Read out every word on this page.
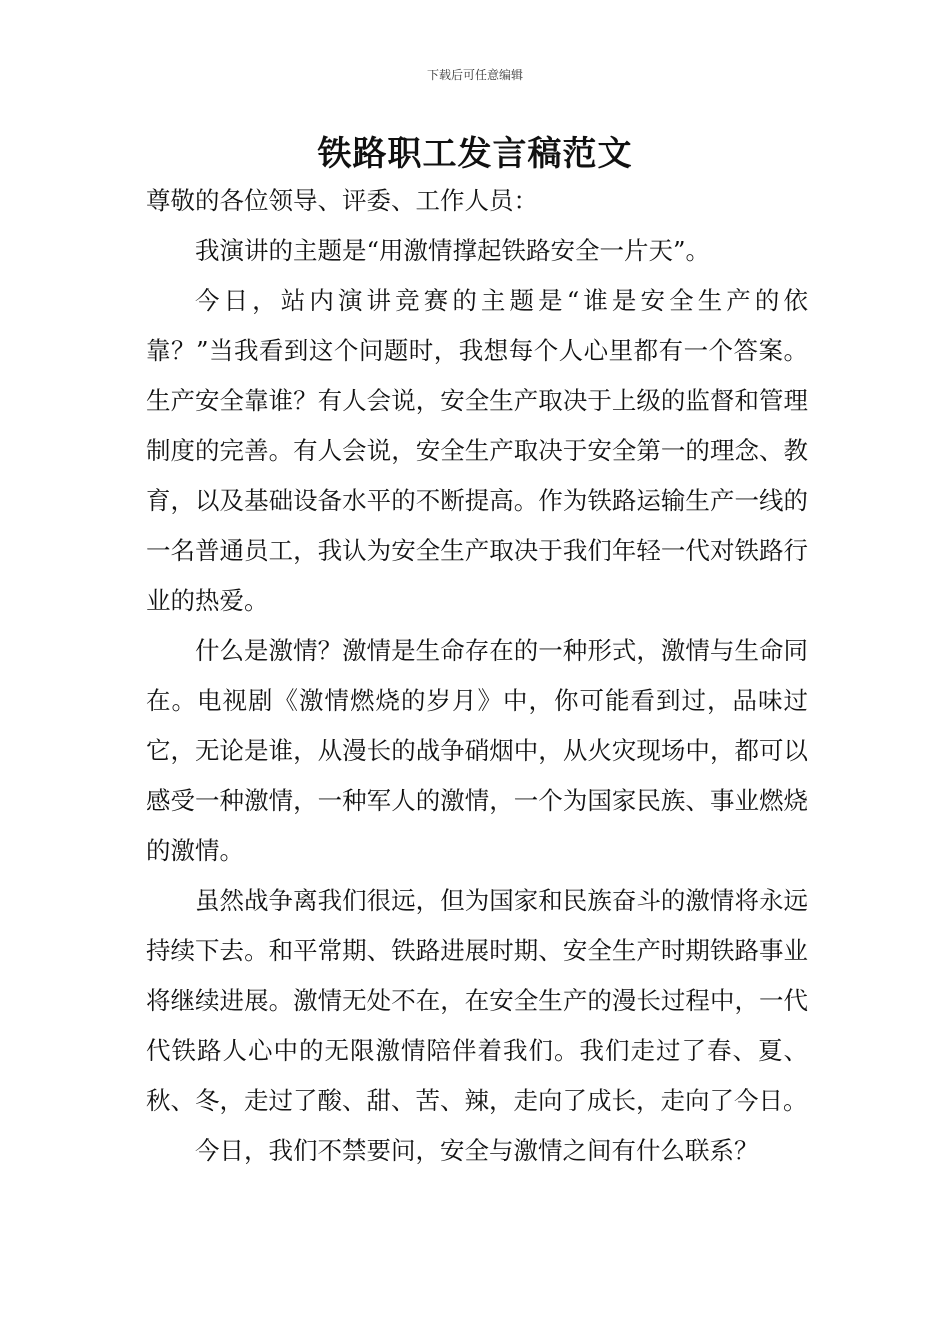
下载后可任意编辑
铁路职工发言稿范文

尊敬的各位领导、评委、工作人员：

我演讲的主题是“用激情撑起铁路安全一片天”。

今日，站内演讲竞赛的主题是“谁是安全生产的依靠？”当我看到这个问题时，我想每个人心里都有一个答案。生产安全靠谁？有人会说，安全生产取决于上级的监督和管理制度的完善。有人会说，安全生产取决于安全第一的理念、教育，以及基础设备水平的不断提高。作为铁路运输生产一线的一名普通员工，我认为安全生产取决于我们年轻一代对铁路行业的热爱。

什么是激情？激情是生命存在的一种形式，激情与生命同在。电视剧《激情燃烧的岁月》中，你可能看到过，品味过它，无论是谁，从漫长的战争硝烟中，从火灾现场中，都可以感受一种激情，一种军人的激情，一个为国家民族、事业燃烧的激情。

虽然战争离我们很远，但为国家和民族奋斗的激情将永远持续下去。和平常期、铁路进展时期、安全生产时期铁路事业将继续进展。激情无处不在，在安全生产的漫长过程中，一代代铁路人心中的无限激情陪伴着我们。我们走过了春、夏、秋、冬，走过了酸、甜、苦、辣，走向了成长，走向了今日。

今日，我们不禁要问，安全与激情之间有什么联系？
